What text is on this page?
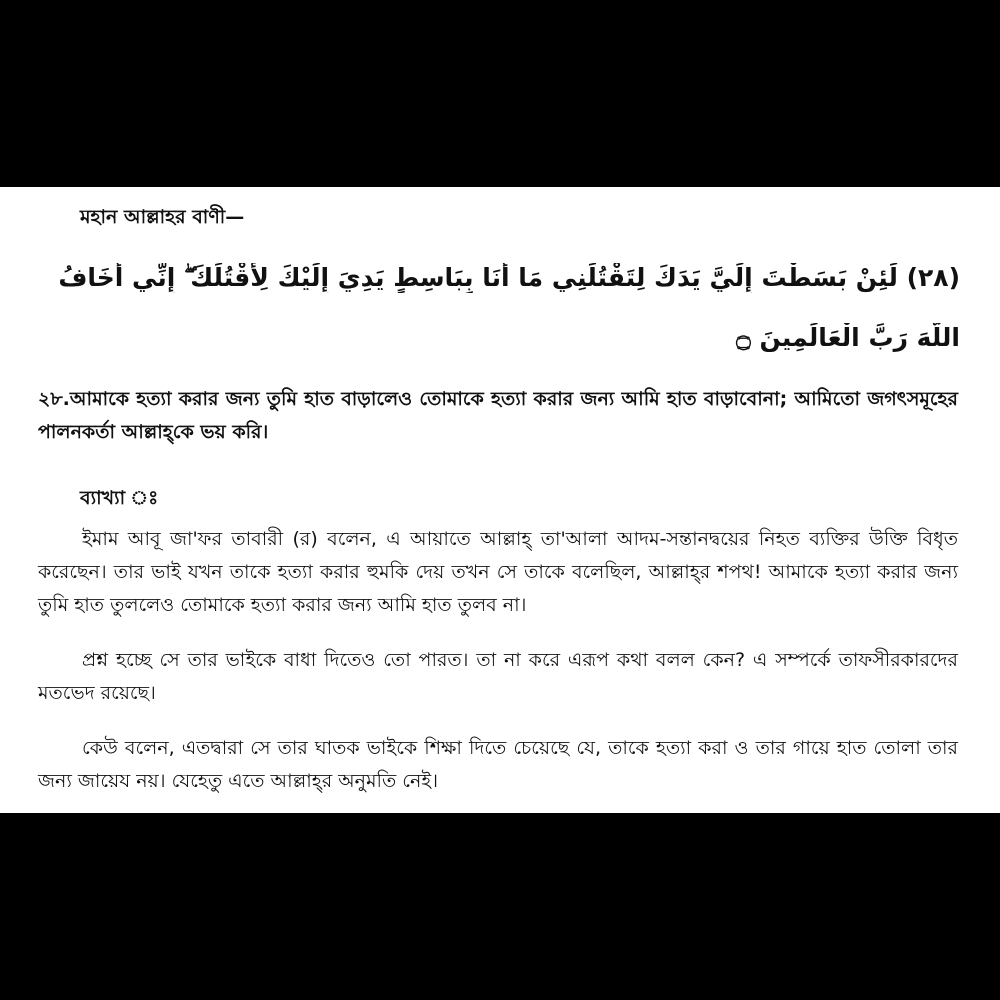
মহান আল্লাহর বাণী—
(٢٨) لَئِنْ بَسَطْتَ إِلَيَّ يَدَكَ لِتَقْتُلَنِي مَا أَنَا بِبَاسِطٍ يَدِيَ إِلَيْكَ لِأَقْتُلَكَ ۖ إِنِّي أَخَافُ
اللَّهَ رَبَّ الْعَالَمِينَ ۝
২৮.আমাকে হত্যা করার জন্য তুমি হাত বাড়ালেও তোমাকে হত্যা করার জন্য আমি হাত বাড়াবোনা; আমিতো জগৎসমূহের পালনকর্তা আল্লাহ্‌কে ভয় করি।
ব্যাখ্যা ঃ
ইমাম আবূ জা'ফর তাবারী (র) বলেন, এ আয়াতে আল্লাহ্‌ তা'আলা আদম-সন্তানদ্বয়ের নিহত ব্যক্তির উক্তি বিধৃত করেছেন। তার ভাই যখন তাকে হত্যা করার হুমকি দেয় তখন সে তাকে বলেছিল, আল্লাহ্‌র শপথ! আমাকে হত্যা করার জন্য তুমি হাত তুললেও তোমাকে হত্যা করার জন্য আমি হাত তুলব না।
প্রশ্ন হচ্ছে সে তার ভাইকে বাধা দিতেও তো পারত। তা না করে এরূপ কথা বলল কেন? এ সম্পর্কে তাফসীরকারদের মতভেদ রয়েছে।
কেউ বলেন, এতদ্বারা সে তার ঘাতক ভাইকে শিক্ষা দিতে চেয়েছে যে, তাকে হত্যা করা ও তার গায়ে হাত তোলা তার জন্য জায়েয নয়। যেহেতু এতে আল্লাহ্‌র অনুমতি নেই।
